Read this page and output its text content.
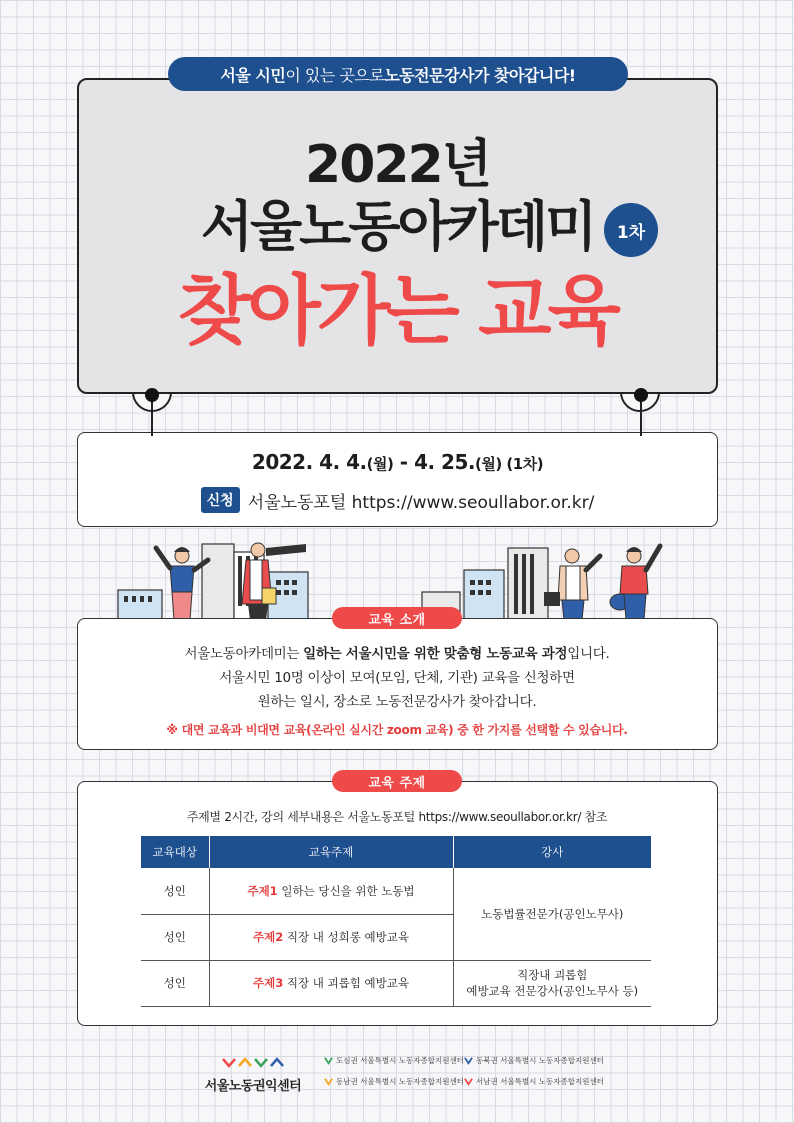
서울 시민 이 있는 곳으로 노동전문강사가 찾아갑니다!
2022년
서울노동아카데미
찾아가는 교육
1차
2022. 4. 4.(월) - 4. 25.(월) (1차)
신청 서울노동포털 https://www.seoullabor.or.kr/
교육 소개
서울노동아카데미는 일하는 서울시민을 위한 맞춤형 노동교육 과정입니다.
서울시민 10명 이상이 모여(모임, 단체, 기관) 교육을 신청하면
원하는 일시, 장소로 노동전문강사가 찾아갑니다.
※ 대면 교육과 비대면 교육(온라인 실시간 zoom 교육) 중 한 가지를 선택할 수 있습니다.
교육 주제
주제별 2시간, 강의 세부내용은 서울노동포털 https://www.seoullabor.or.kr/ 참조
교육대상	교육주제	강사
성인	주제1 일하는 당신을 위한 노동법	노동법률전문가(공인노무사)
성인	주제2 직장 내 성희롱 예방교육	
성인	주제3 직장 내 괴롭힘 예방교육	직장내 괴롭힘
예방교육 전문강사(공인노무사 등)
서울노동권익센터
도심권 서울특별시 노동자종합지원센터 동북권 서울특별시 노동자종합지원센터
동남권 서울특별시 노동자종합지원센터 서남권 서울특별시 노동자종합지원센터
